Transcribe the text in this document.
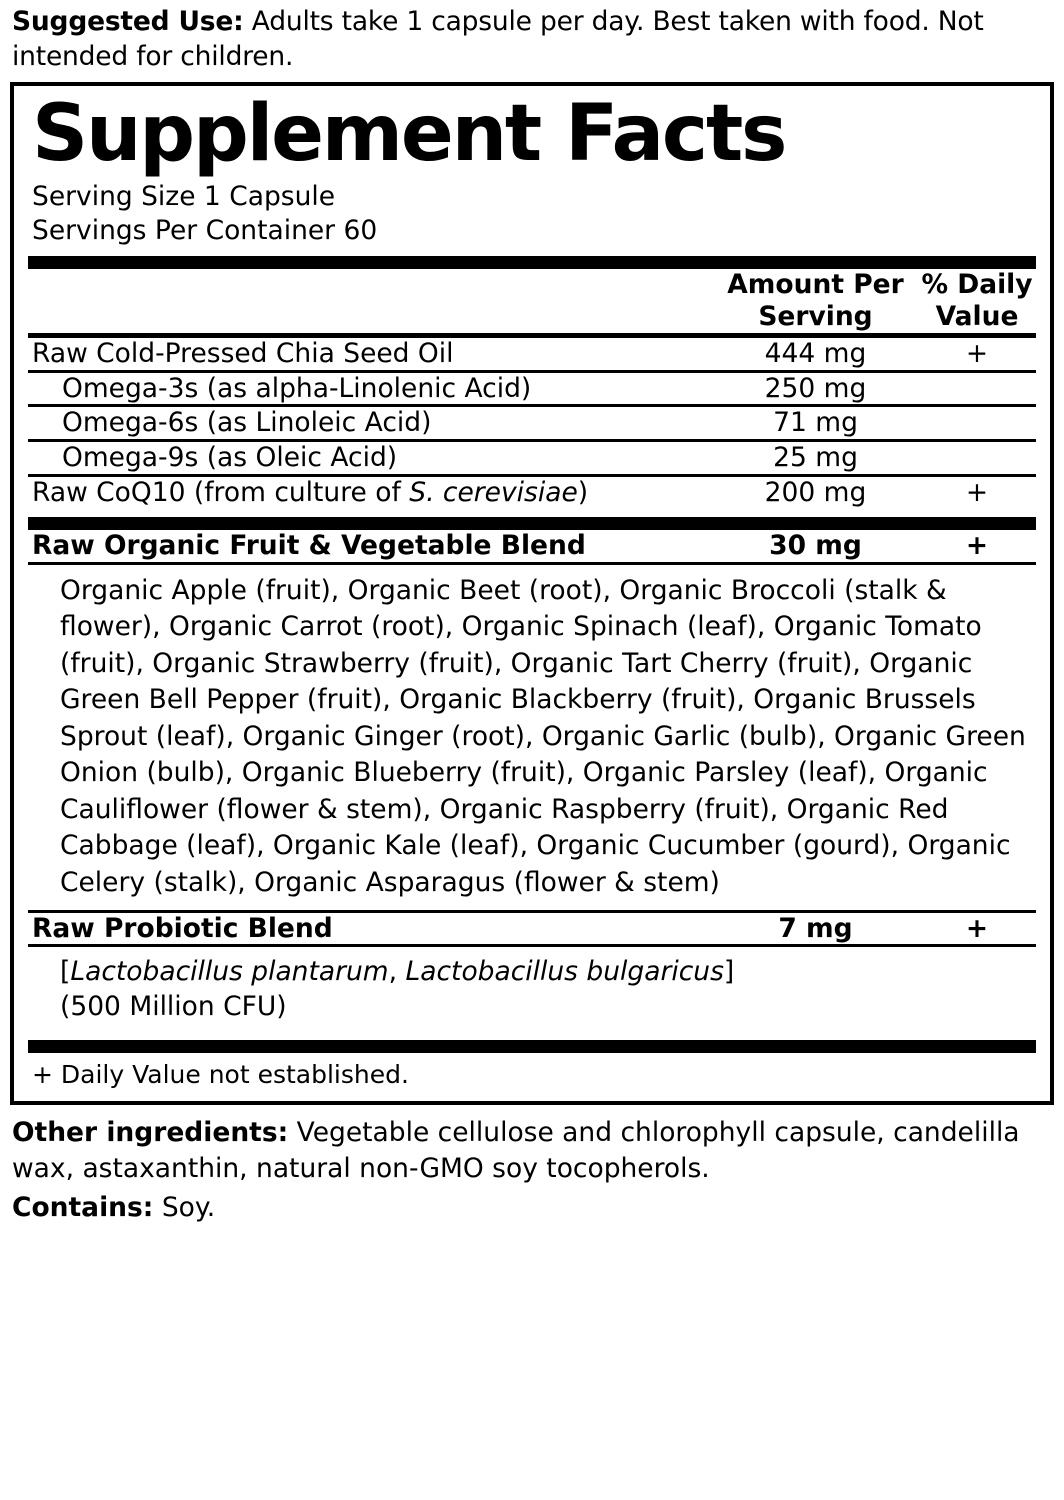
Suggested Use: Adults take 1 capsule per day. Best taken with food. Not intended for children.

Supplement Facts
Serving Size 1 Capsule
Servings Per Container 60

Amount Per
Serving

% Daily
Value
Raw Cold-Pressed Chia Seed Oil	444 mg	+
Omega-3s (as alpha-Linolenic Acid)	250 mg	
Omega-6s (as Linoleic Acid)	71 mg	
Omega-9s (as Oleic Acid)	25 mg	
Raw CoQ10 (from culture of S. cerevisiae)	200 mg	+
Raw Organic Fruit & Vegetable Blend	30 mg	+
Organic Apple (fruit), Organic Beet (root), Organic Broccoli (stalk & flower), Organic Carrot (root), Organic Spinach (leaf), Organic Tomato (fruit), Organic Strawberry (fruit), Organic Tart Cherry (fruit), Organic Green Bell Pepper (fruit), Organic Blackberry (fruit), Organic Brussels Sprout (leaf), Organic Ginger (root), Organic Garlic (bulb), Organic Green Onion (bulb), Organic Blueberry (fruit), Organic Parsley (leaf), Organic Cauliflower (flower & stem), Organic Raspberry (fruit), Organic Red Cabbage (leaf), Organic Kale (leaf), Organic Cucumber (gourd), Organic Celery (stalk), Organic Asparagus (flower & stem)
Raw Probiotic Blend	7 mg	+
[Lactobacillus plantarum, Lactobacillus bulgaricus]
(500 Million CFU)
+ Daily Value not established.

Other ingredients: Vegetable cellulose and chlorophyll capsule, candelilla wax, astaxanthin, natural non-GMO soy tocopherols.

Contains: Soy.
